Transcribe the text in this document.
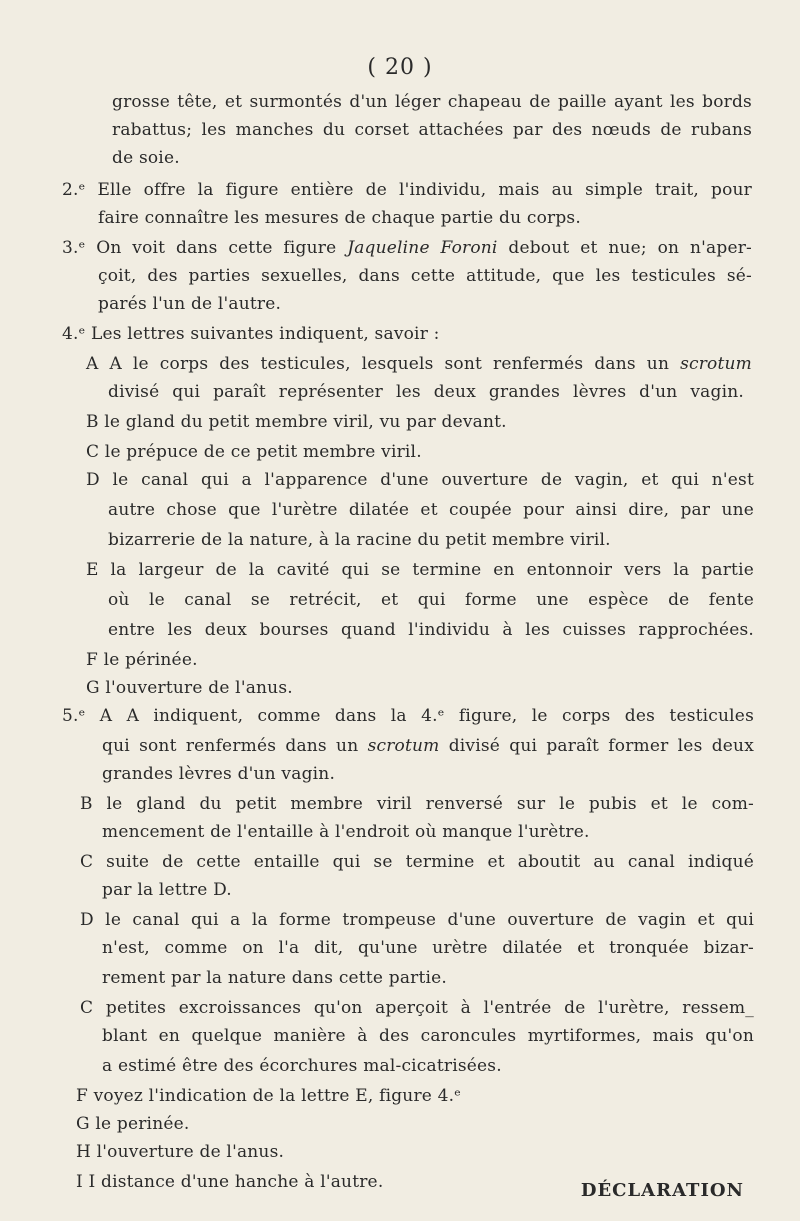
( 20 )
grosse tête, et surmontés d'un léger chapeau de paille ayant les bords
rabattus; les manches du corset attachées par des nœuds de rubans
de soie.
2.ᵉ Elle offre la figure entière de l'individu, mais au simple trait, pour
faire connaître les mesures de chaque partie du corps.
3.ᵉ On voit dans cette figure Jaqueline Foroni debout et nue; on n'aper-
çoit, des parties sexuelles, dans cette attitude, que les testicules sé-
parés l'un de l'autre.
4.ᵉ Les lettres suivantes indiquent, savoir :
A A le corps des testicules, lesquels sont renfermés dans un scrotum
divisé qui paraît représenter les deux grandes lèvres d'un vagin.
B le gland du petit membre viril, vu par devant.
C le prépuce de ce petit membre viril.
D le canal qui a l'apparence d'une ouverture de vagin, et qui n'est
autre chose que l'urètre dilatée et coupée pour ainsi dire, par une
bizarrerie de la nature, à la racine du petit membre viril.
E la largeur de la cavité qui se termine en entonnoir vers la partie
où le canal se retrécit, et qui forme une espèce de fente
entre les deux bourses quand l'individu à les cuisses rapprochées.
F le périnée.
G l'ouverture de l'anus.
5.ᵉ A A indiquent, comme dans la 4.ᵉ figure, le corps des testicules
qui sont renfermés dans un scrotum divisé qui paraît former les deux
grandes lèvres d'un vagin.
B le gland du petit membre viril renversé sur le pubis et le com-
mencement de l'entaille à l'endroit où manque l'urètre.
C suite de cette entaille qui se termine et aboutit au canal indiqué
par la lettre D.
D le canal qui a la forme trompeuse d'une ouverture de vagin et qui
n'est, comme on l'a dit, qu'une urètre dilatée et tronquée bizar-
rement par la nature dans cette partie.
C petites excroissances qu'on aperçoit à l'entrée de l'urètre, ressem_
blant en quelque manière à des caroncules myrtiformes, mais qu'on
a estimé être des écorchures mal-cicatrisées.
F voyez l'indication de la lettre E, figure 4.ᵉ
G le perinée.
H l'ouverture de l'anus.
I I distance d'une hanche à l'autre.	DÉCLARATION
